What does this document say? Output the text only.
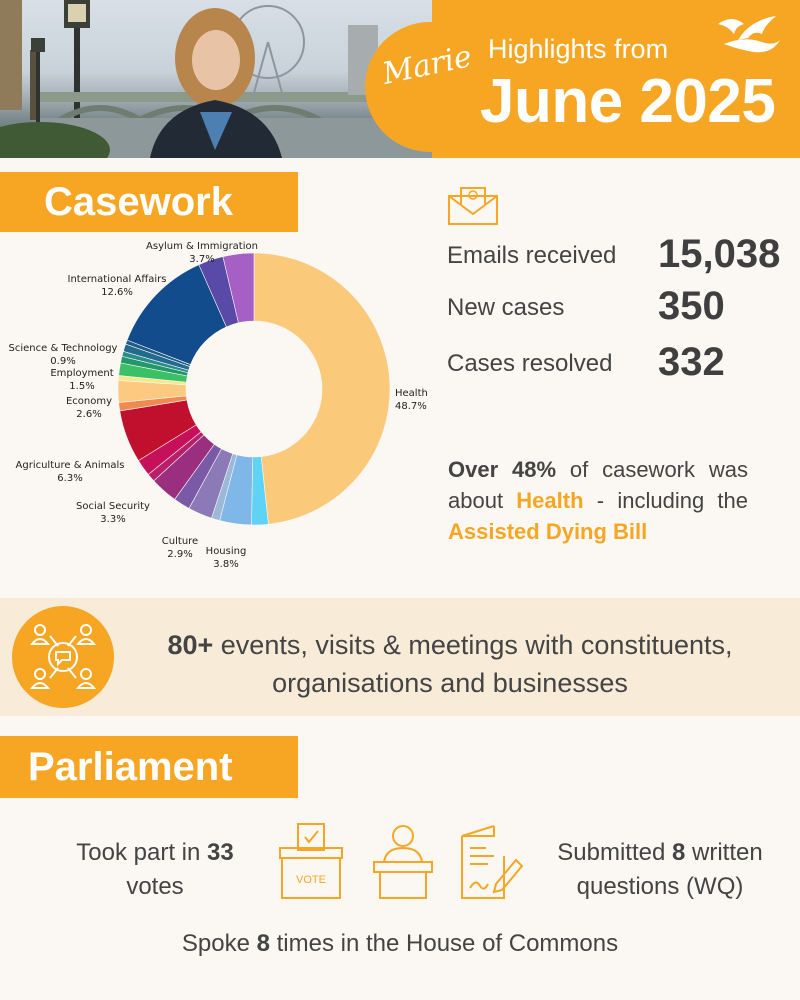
Marie Highlights from
June 2025
Casework
Health
48.7%
Housing
3.8%
Culture
2.9%
Social Security
3.3%
Agriculture & Animals
6.3%
Economy
2.6%
Employment
1.5%
Science & Technology
0.9%
International Affairs
12.6%
Asylum & Immigration
3.7%	Emails received 15,038
New cases 350
Cases resolved 332
Over 48% of casework was about Health - including the Assisted Dying Bill
80+ events, visits & meetings with constituents, organisations and businesses
Parliament
Took part in 33 votes	VOTE
Submitted 8 written questions (WQ)
Spoke 8 times in the House of Commons
